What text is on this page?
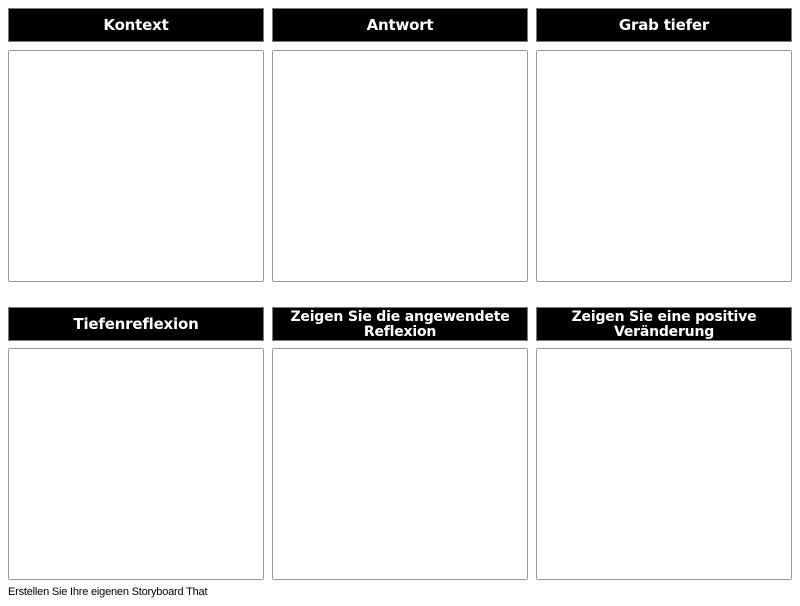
Kontext	Antwort	Grab tiefer
Tiefenreflexion	Zeigen Sie die angewendete Reflexion
Zeigen Sie eine positive Veränderung
Erstellen Sie Ihre eigenen Storyboard That
